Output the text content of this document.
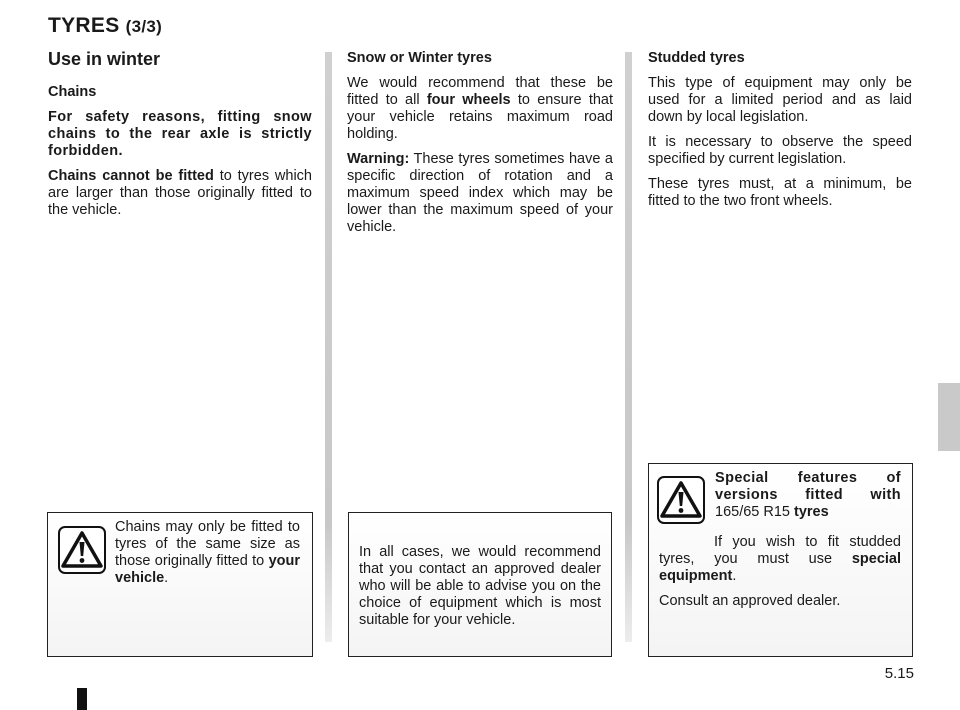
TYRES (3/3)
Use in winter

Chains

For safety reasons, fitting snow chains to the rear axle is strictly forbidden.

Chains cannot be fitted to tyres which are larger than those originally fitted to the vehicle.

Snow or Winter tyres

We would recommend that these be fitted to all four wheels to ensure that your vehicle retains maximum road holding.

Warning: These tyres sometimes have a specific direction of rotation and a maximum speed index which may be lower than the maximum speed of your vehicle.

Studded tyres

This type of equipment may only be used for a limited period and as laid down by local legislation.

It is necessary to observe the speed specified by current legislation.

These tyres must, at a minimum, be fitted to the two front wheels.

Chains may only be fitted to tyres of the same size as those originally fitted to your vehicle.

In all cases, we would recommend that you contact an approved dealer who will be able to advise you on the choice of equipment which is most suitable for your vehicle.

Special features of versions fitted with 165/65 R15 tyres

If you wish to fit studded tyres, you must use special equipment.

Consult an approved dealer.

5.15
